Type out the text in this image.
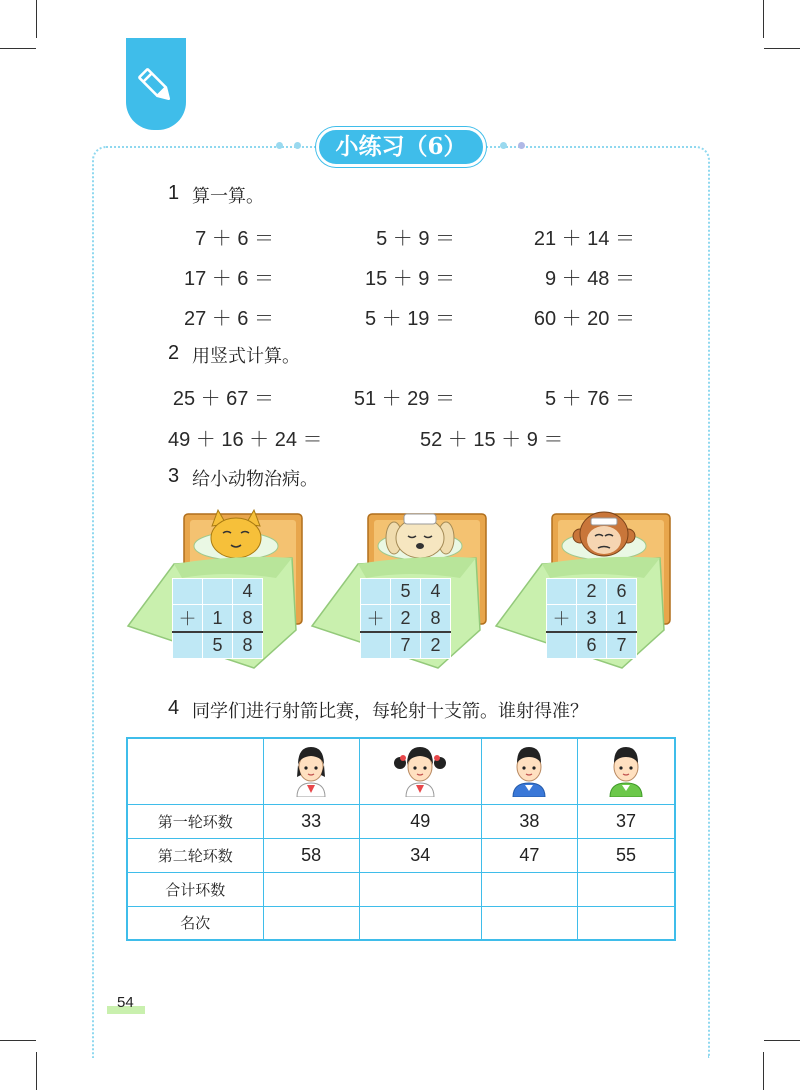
小练习（6）
1 算一算。
7 ＋ 6 ＝	5 ＋ 9 ＝	21 ＋ 14 ＝
17 ＋ 6 ＝	15 ＋ 9 ＝	9 ＋ 48 ＝
27 ＋ 6 ＝	5 ＋ 19 ＝	60 ＋ 20 ＝
2 用竖式计算。
25 ＋ 67 ＝	51 ＋ 29 ＝	5 ＋ 76 ＝
49 ＋ 16 ＋ 24 ＝	52 ＋ 15 ＋ 9 ＝
3 给小动物治病。
		4
＋	1	8
	5	8
	5	4
＋	2	8
	7	2
	2	6
＋	3	1
	6	7
4 同学们进行射箭比赛，每轮射十支箭。谁射得准？

第一轮环数	33	49	38	37
第二轮环数	58	34	47	55
合计环数				
名次				
54
